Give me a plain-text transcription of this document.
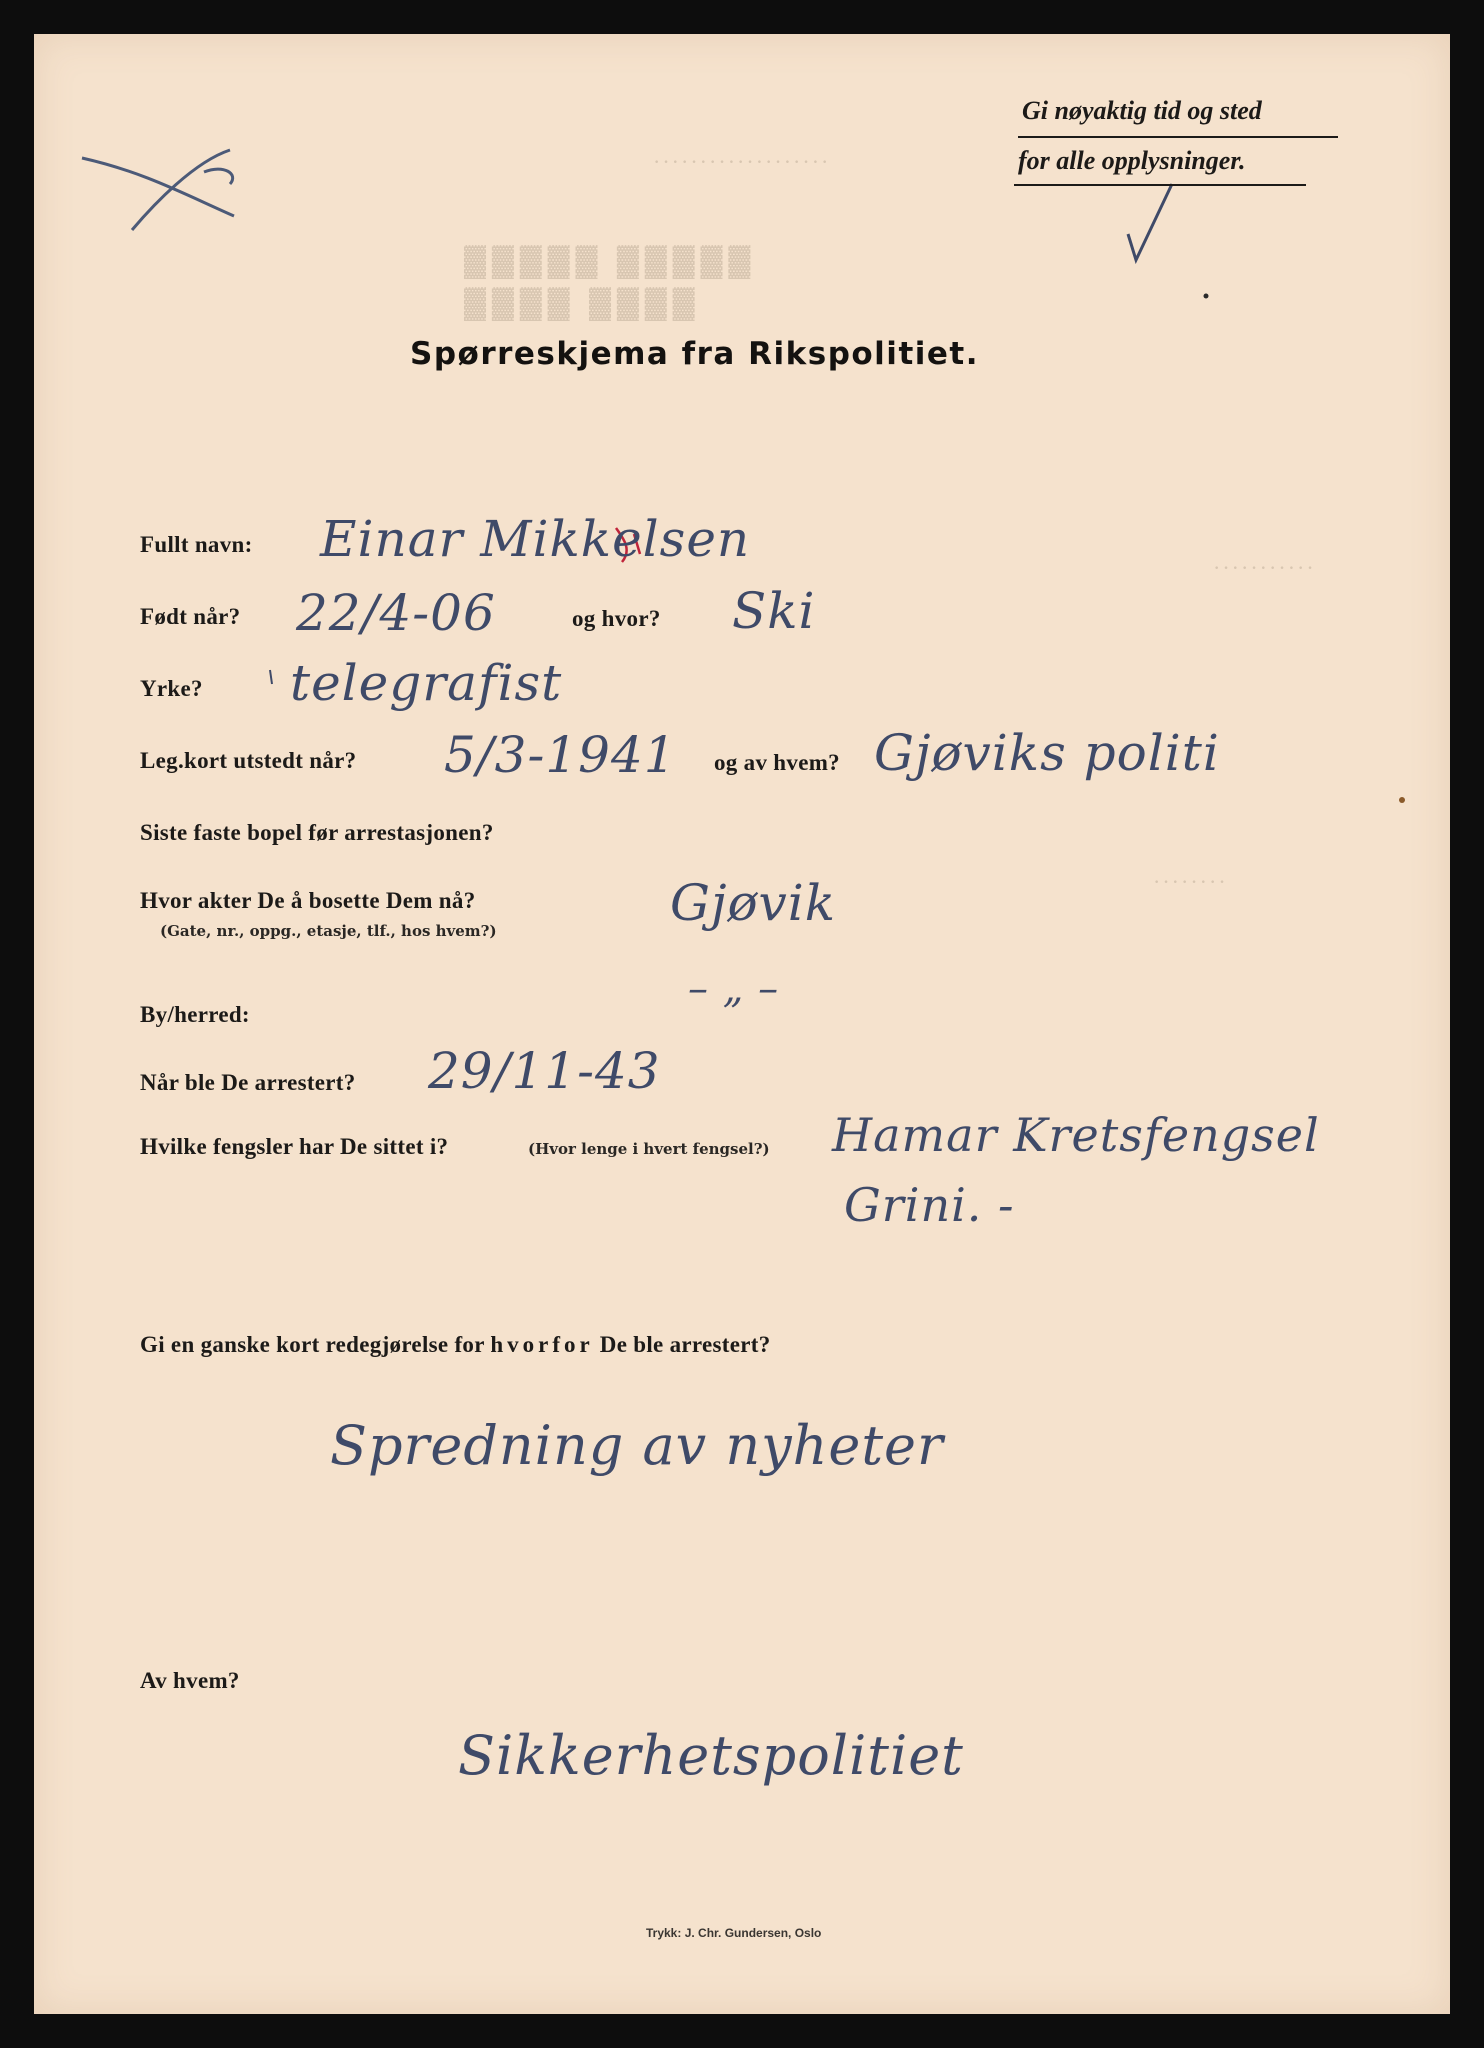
· · · · · · · · · · · · · · · · · · ·
▓▓▓▓▓ ▓▓▓▓▓
▓▓▓▓ ▓▓▓▓
· · · · · · · · · · ·
· · · · · · · ·
Gi nøyaktig tid og sted
for alle opplysninger.
Spørreskjema fra Rikspolitiet.
Fullt navn: Einar Mikkelsen
Født når? 22/4-06	og hvor? Ski
Yrke? telegrafist
Leg.kort utstedt når? 5/3-1941 og av hvem? Gjøviks politi
Siste faste bopel før arrestasjonen?
Hvor akter De å bosette Dem nå?
(Gate, nr., oppg., etasje, tlf., hos hvem?)	Gjøvik
By/herred:
– „ –
Når ble De arrestert? 29/11-43
Hvilke fengsler har De sittet i?	(Hvor lenge i hvert fengsel?) Hamar Kretsfengsel
Grini. -
Gi en ganske kort redegjørelse for hvorfor De ble arrestert?
Spredning av nyheter
Av hvem?
Sikkerhetspolitiet
Trykk: J. Chr. Gundersen, Oslo
